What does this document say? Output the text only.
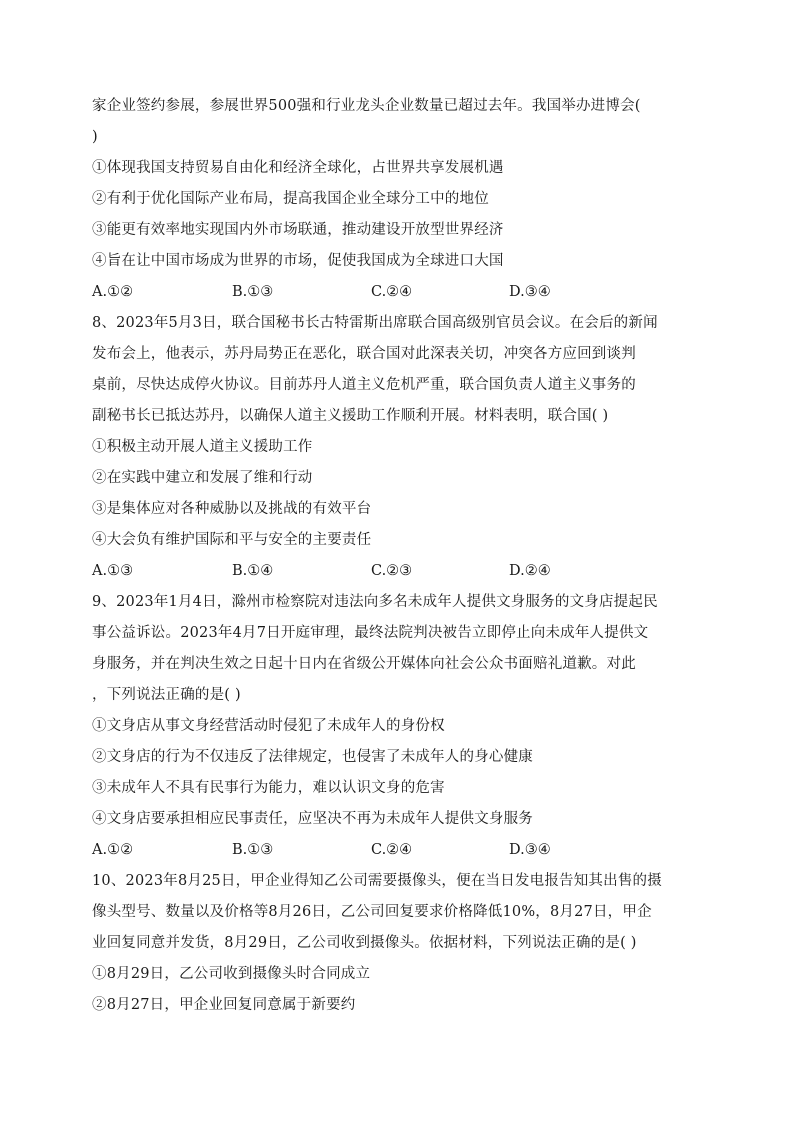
家企业签约参展，参展世界500强和行业龙头企业数量已超过去年。我国举办进博会(
)
①体现我国支持贸易自由化和经济全球化，占世界共享发展机遇
②有利于优化国际产业布局，提高我国企业全球分工中的地位
③能更有效率地实现国内外市场联通，推动建设开放型世界经济
④旨在让中国市场成为世界的市场，促使我国成为全球进口大国
A.①②	B.①③	C.②④	D.③④
8、2023年5月3日，联合国秘书长古特雷斯出席联合国高级别官员会议。在会后的新闻
发布会上，他表示，苏丹局势正在恶化，联合国对此深表关切，冲突各方应回到谈判
桌前，尽快达成停火协议。目前苏丹人道主义危机严重，联合国负责人道主义事务的
副秘书长已抵达苏丹，以确保人道主义援助工作顺利开展。材料表明，联合国( )
①积极主动开展人道主义援助工作
②在实践中建立和发展了维和行动
③是集体应对各种威胁以及挑战的有效平台
④大会负有维护国际和平与安全的主要责任
A.①③	B.①④	C.②③	D.②④
9、2023年1月4日，滁州市检察院对违法向多名未成年人提供文身服务的文身店提起民
事公益诉讼。2023年4月7日开庭审理，最终法院判决被告立即停止向未成年人提供文
身服务，并在判决生效之日起十日内在省级公开媒体向社会公众书面赔礼道歉。对此
，下列说法正确的是( )
①文身店从事文身经营活动时侵犯了未成年人的身份权
②文身店的行为不仅违反了法律规定，也侵害了未成年人的身心健康
③未成年人不具有民事行为能力，难以认识文身的危害
④文身店要承担相应民事责任，应坚决不再为未成年人提供文身服务
A.①②	B.①③	C.②④	D.③④
10、2023年8月25日，甲企业得知乙公司需要摄像头，便在当日发电报告知其出售的摄
像头型号、数量以及价格等8月26日，乙公司回复要求价格降低10%，8月27日，甲企
业回复同意并发货，8月29日，乙公司收到摄像头。依据材料，下列说法正确的是( )
①8月29日，乙公司收到摄像头时合同成立
②8月27日，甲企业回复同意属于新要约
